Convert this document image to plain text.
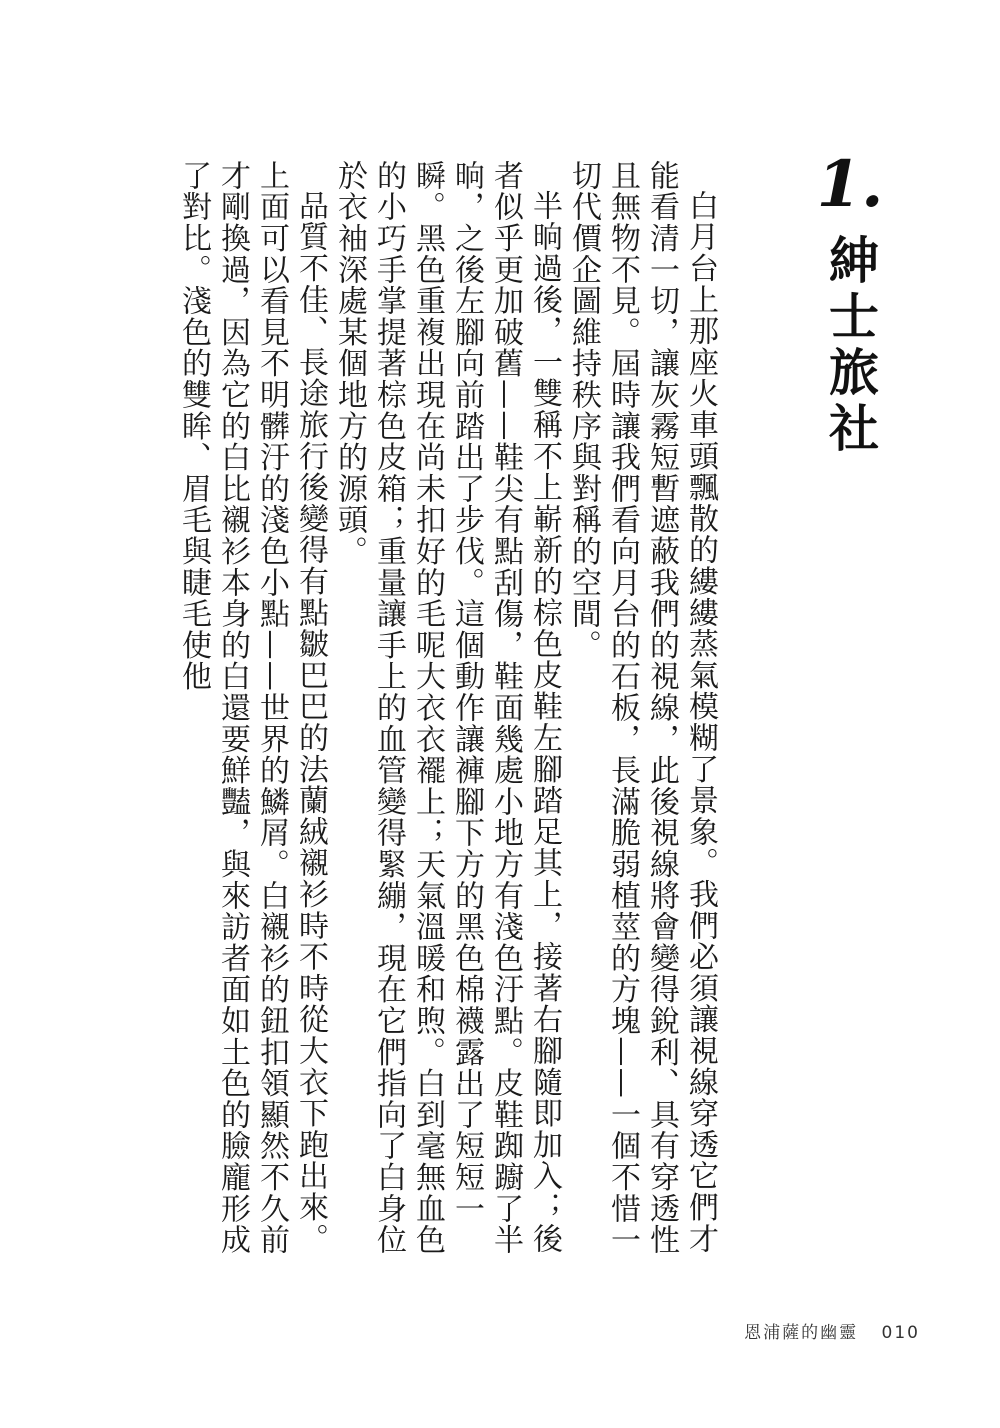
1.
紳士旅社

白月台上那座火車頭飄散的縷縷蒸氣模糊了景象。我們必須讓視線穿透它們才能看清一切，讓灰霧短暫遮蔽我們的視線，此後視線將會變得銳利、具有穿透性且無物不見。屆時讓我們看向月台的石板，長滿脆弱植莖的方塊——一個不惜一切代價企圖維持秩序與對稱的空間。

半晌過後，一雙稱不上嶄新的棕色皮鞋左腳踏足其上，接著右腳隨即加入；後者似乎更加破舊——鞋尖有點刮傷，鞋面幾處小地方有淺色汙點。皮鞋踟躕了半晌，之後左腳向前踏出了步伐。這個動作讓褲腳下方的黑色棉襪露出了短短一瞬。黑色重複出現在尚未扣好的毛呢大衣衣襬上；天氣溫暖和煦。白到毫無血色的小巧手掌提著棕色皮箱；重量讓手上的血管變得緊繃，現在它們指向了白身位於衣袖深處某個地方的源頭。

品質不佳、長途旅行後變得有點皺巴巴的法蘭絨襯衫時不時從大衣下跑出來。上面可以看見不明髒汙的淺色小點——世界的鱗屑。白襯衫的鈕扣領顯然不久前才剛換過，因為它的白比襯衫本身的白還要鮮豔，與來訪者面如土色的臉龐形成了對比。淺色的雙眸、眉毛與睫毛使他

恩浦薩的幽靈 010
